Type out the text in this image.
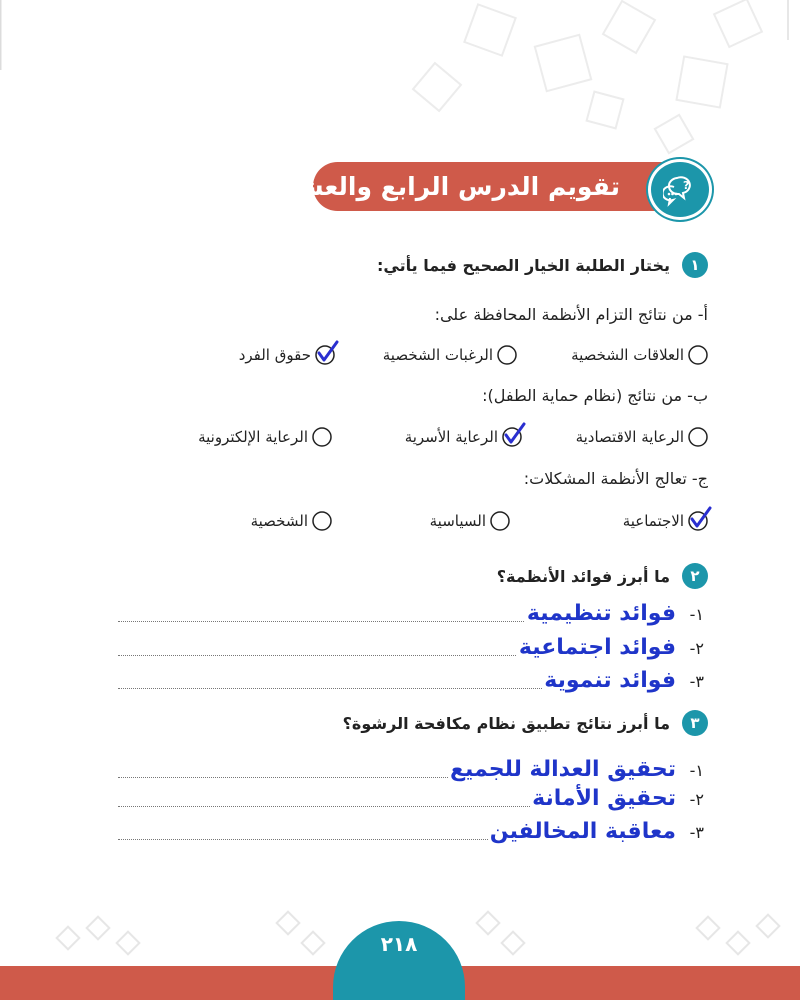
تقويم الدرس الرابع والعشرين	?
١
يختار الطلبة الخيار الصحيح فيما يأتي:
أ- من نتائج التزام الأنظمة المحافظة على:
العلاقات الشخصية
الرغبات الشخصية
حقوق الفرد
ب- من نتائج (نظام حماية الطفل):
الرعاية الاقتصادية
الرعاية الأسرية
الرعاية الإلكترونية
ج- تعالج الأنظمة المشكلات:
الاجتماعية
السياسية
الشخصية
٢
ما أبرز فوائد الأنظمة؟
١-
فوائد تنظيمية
٢-
فوائد اجتماعية
٣-
فوائد تنموية
٣
ما أبرز نتائج تطبيق نظام مكافحة الرشوة؟
١-
تحقيق العدالة للجميع
٢-
تحقيق الأمانة
٣-
معاقبة المخالفين
٢١٨
